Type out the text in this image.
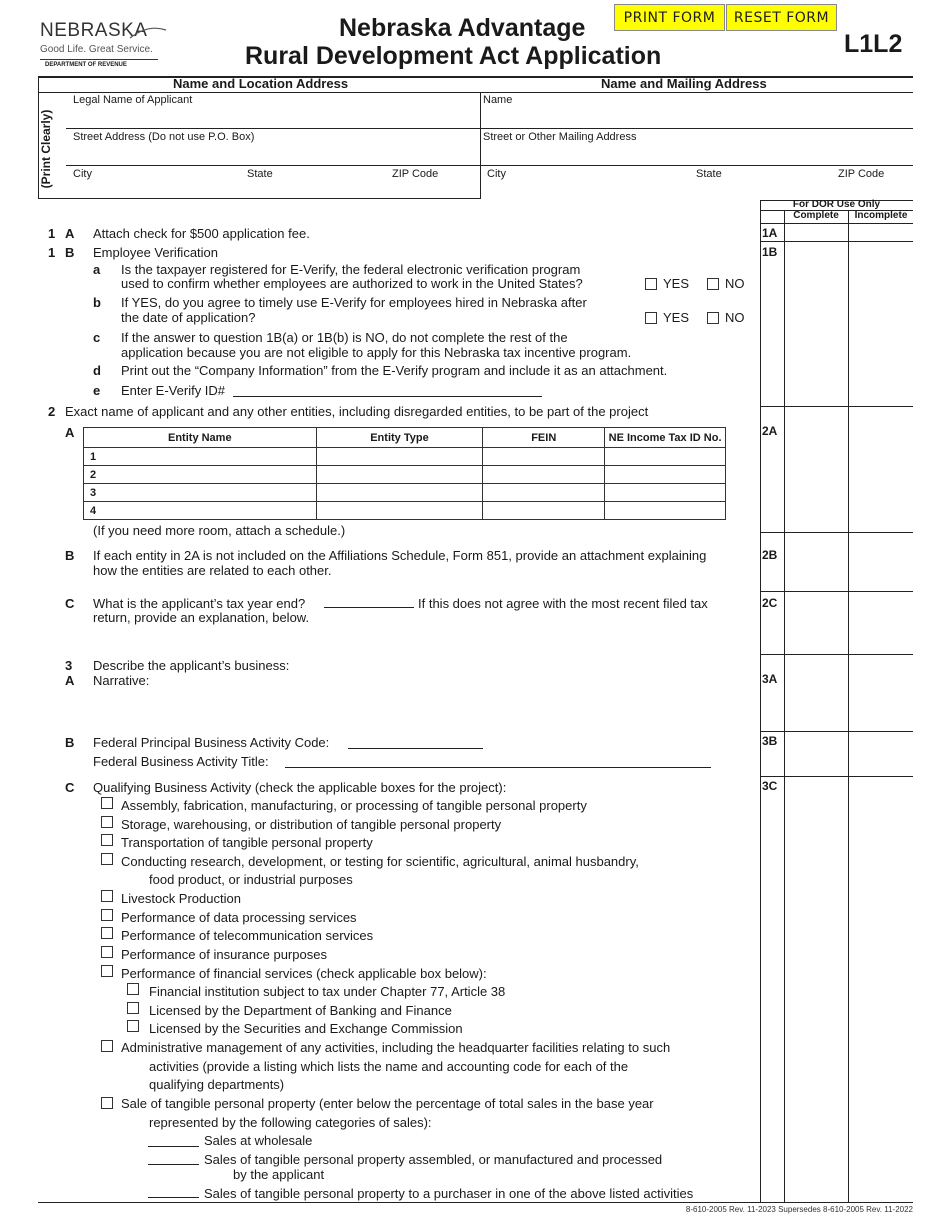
NEBRASKA
Good Life. Great Service.
DEPARTMENT OF REVENUE
Nebraska Advantage
Rural Development Act Application
PRINT FORM	RESET FORM
L1L2
Name and Location Address	Name and Mailing Address
(Print Clearly)
Legal Name of Applicant
Street Address (Do not use P.O. Box)
City	State	ZIP Code
Name
Street or Other Mailing Address
City	State	ZIP Code
For DOR Use Only
Complete	Incomplete
1A
1B
2A
2B
2C
3A
3B
3C
1 A Attach check for $500 application fee.
1 B Employee Verification
a Is the taxpayer registered for E-Verify, the federal electronic verification program
used to confirm whether employees are authorized to work in the United States?	YES	NO
b If YES, do you agree to timely use E-Verify for employees hired in Nebraska after
the date of application?	YES	NO
c If the answer to question 1B(a) or 1B(b) is NO, do not complete the rest of the
application because you are not eligible to apply for this Nebraska tax incentive program.
d Print out the “Company Information” from the E-Verify program and include it as an attachment.
e Enter E-Verify ID#
2 Exact name of applicant and any other entities, including disregarded entities, to be part of the project
A	Entity Name	Entity Type	FEIN	NE Income Tax ID No.
1			
2			
3			
4			
(If you need more room, attach a schedule.)
B If each entity in 2A is not included on the Affiliations Schedule, Form 851, provide an attachment explaining
how the entities are related to each other.
C What is the applicant’s tax year end?	If this does not agree with the most recent filed tax
return, provide an explanation, below.
3
A
Describe the applicant’s business:
Narrative:
B Federal Principal Business Activity Code:
Federal Business Activity Title:
C Qualifying Business Activity (check the applicable boxes for the project):
Assembly, fabrication, manufacturing, or processing of tangible personal property
Storage, warehousing, or distribution of tangible personal property
Transportation of tangible personal property
Conducting research, development, or testing for scientific, agricultural, animal husbandry,
food product, or industrial purposes
Livestock Production
Performance of data processing services
Performance of telecommunication services
Performance of insurance purposes
Performance of financial services (check applicable box below):
Financial institution subject to tax under Chapter 77, Article 38
Licensed by the Department of Banking and Finance
Licensed by the Securities and Exchange Commission
Administrative management of any activities, including the headquarter facilities relating to such
activities (provide a listing which lists the name and accounting code for each of the
qualifying departments)
Sale of tangible personal property (enter below the percentage of total sales in the base year
represented by the following categories of sales):
Sales at wholesale
Sales of tangible personal property assembled, or manufactured and processed
by the applicant
Sales of tangible personal property to a purchaser in one of the above listed activities
8-610-2005 Rev. 11-2023 Supersedes 8-610-2005 Rev. 11-2022
